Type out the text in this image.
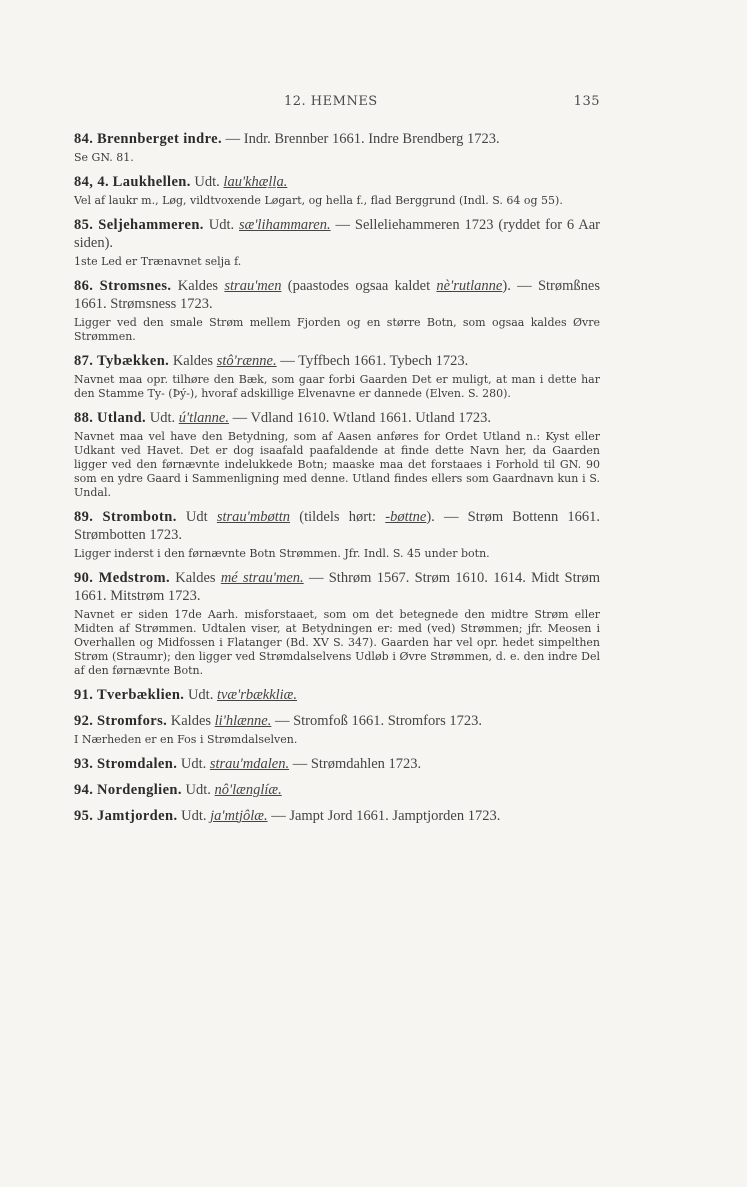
12. HEMNES	135

84. Brennberget indre. — Indr. Brennber 1661. Indre Brendberg 1723.

Se GN. 81.

84, 4. Laukhellen. Udt. lau'khæḻḻa.

Vel af laukr m., Løg, vildtvoxende Løgart, og hella f., flad Berggrund (Indl. S. 64 og 55).

85. Seljehammeren. Udt. sæ'lihammaren. — Selleliehammeren 1723 (ryddet for 6 Aar siden).

1ste Led er Trænavnet selja f.

86. Stromsnes. Kaldes strau'men (paastodes ogsaa kaldet nè'rutlanne). — Strømßnes 1661. Strømsness 1723.

Ligger ved den smale Strøm mellem Fjorden og en større Botn, som ogsaa kaldes Øvre Strømmen.

87. Tybækken. Kaldes stô'rænne. — Tyffbech 1661. Tybech 1723.

Navnet maa opr. tilhøre den Bæk, som gaar forbi Gaarden Det er muligt, at man i dette har den Stamme Ty- (Þý-), hvoraf adskillige Elvenavne er dannede (Elven. S. 280).

88. Utland. Udt. ú'tlanne. — Vdland 1610. Wtland 1661. Utland 1723.

Navnet maa vel have den Betydning, som af Aasen anføres for Ordet Utland n.: Kyst eller Udkant ved Havet. Det er dog isaafald paafaldende at finde dette Navn her, da Gaarden ligger ved den førnævnte indelukkede Botn; maaske maa det forstaaes i Forhold til GN. 90 som en ydre Gaard i Sammenligning med denne. Utland findes ellers som Gaardnavn kun i S. Undal.

89. Strombotn. Udt strau'mbøttn (tildels hørt: -bøttne). — Strøm Bottenn 1661. Strømbotten 1723.

Ligger inderst i den førnævnte Botn Strømmen. Jfr. Indl. S. 45 under botn.

90. Medstrom. Kaldes mé strau'men. — Sthrøm 1567. Strøm 1610. 1614. Midt Strøm 1661. Mitstrøm 1723.

Navnet er siden 17de Aarh. misforstaaet, som om det betegnede den midtre Strøm eller Midten af Strømmen. Udtalen viser, at Betydningen er: med (ved) Strømmen; jfr. Meosen i Overhallen og Midfossen i Flatanger (Bd. XV S. 347). Gaarden har vel opr. hedet simpelthen Strøm (Straumr); den ligger ved Strømdalselvens Udløb i Øvre Strømmen, d. e. den indre Del af den førnævnte Botn.

91. Tverbæklien. Udt. tvæ'rbækkliæ.

92. Stromfors. Kaldes li'hlænne. — Stromfoß 1661. Stromfors 1723.

I Nærheden er en Fos i Strømdalselven.

93. Stromdalen. Udt. strau'mdalen. — Strømdahlen 1723.

94. Nordenglien. Udt. nô'længlíæ.

95. Jamtjorden. Udt. ja'mtjôlæ. — Jampt Jord 1661. Jamptjorden 1723.
